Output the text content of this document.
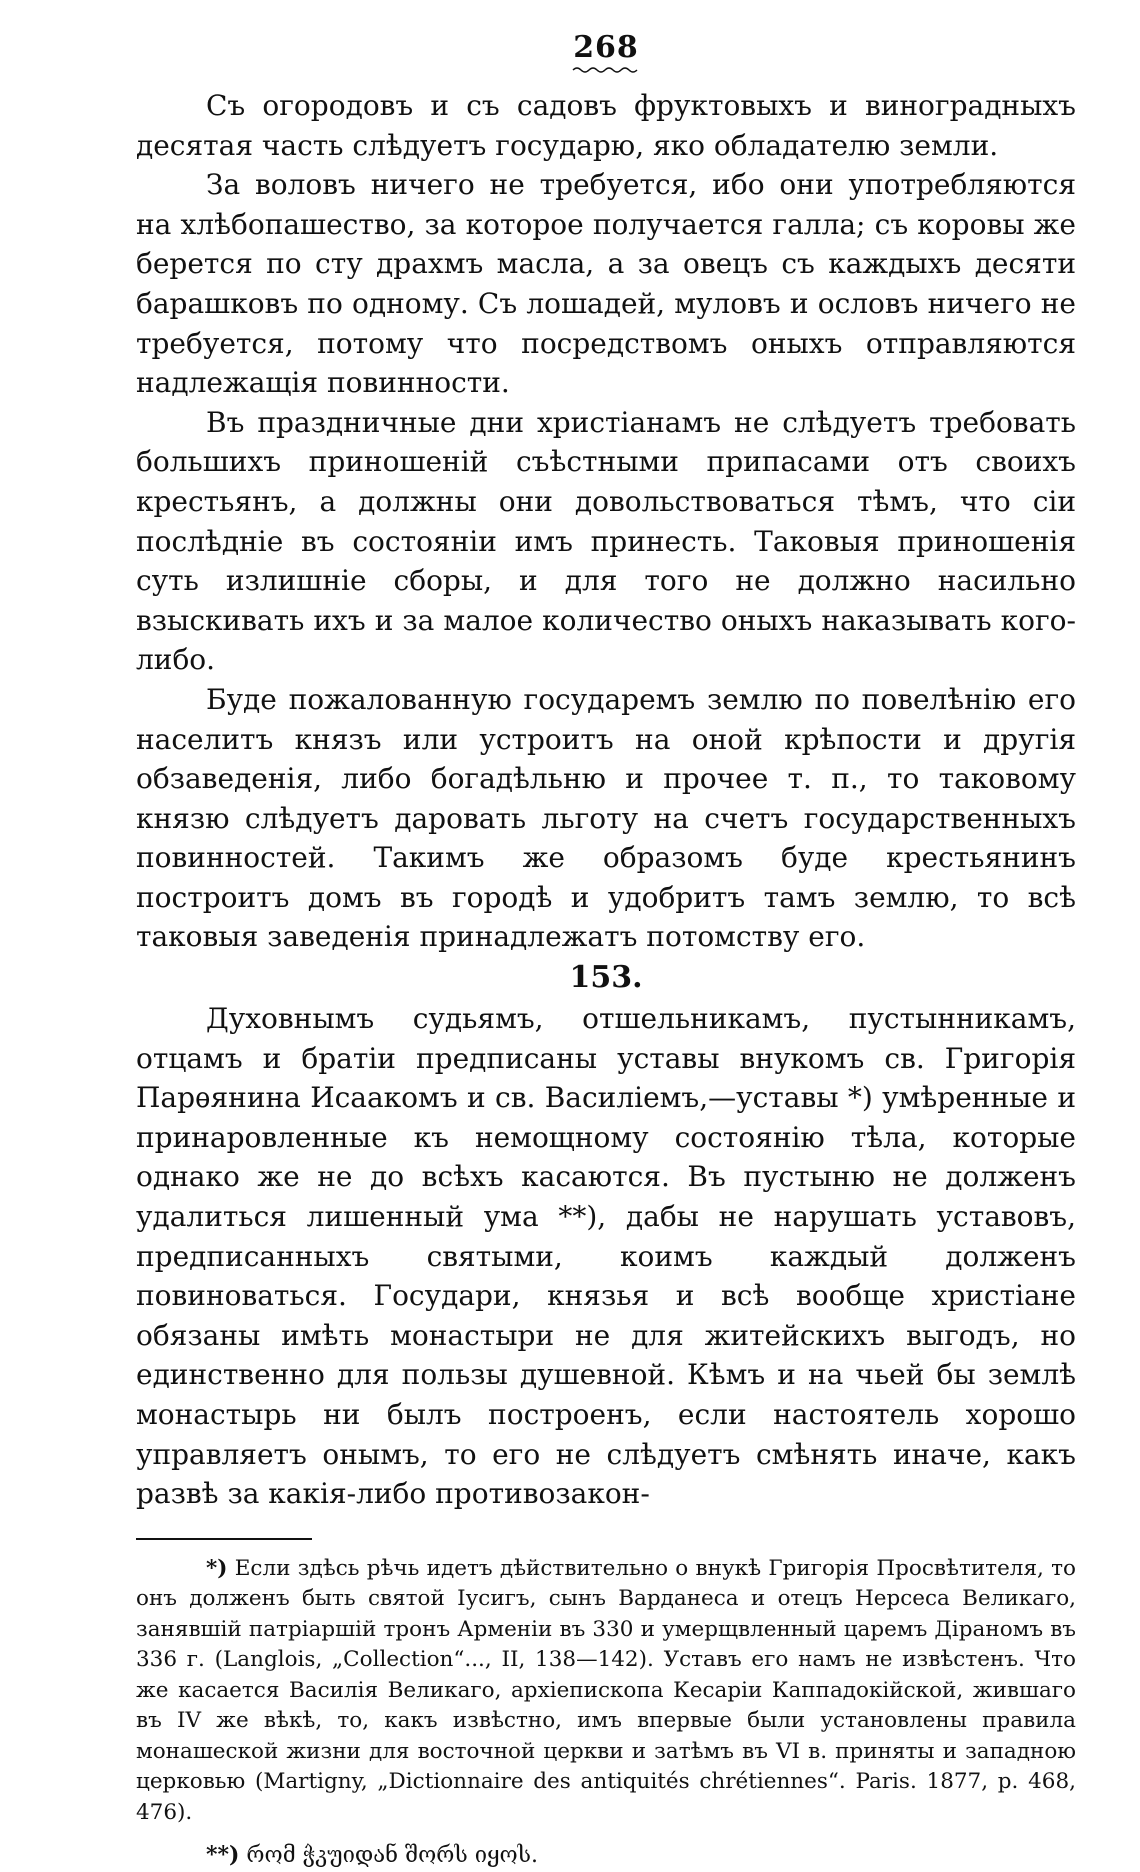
268

Съ огородовъ и съ садовъ фруктовыхъ и виноградныхъ десятая часть слѣдуетъ государю, яко обладателю земли.

За воловъ ничего не требуется, ибо они употребляются на хлѣбопашество, за которое получается галла; съ коровы же берется по сту драхмъ масла, а за овецъ съ каждыхъ десяти барашковъ по одному. Съ лошадей, муловъ и ословъ ничего не требуется, потому что посредствомъ оныхъ отправляются надлежащія повинности.

Въ праздничные дни христіанамъ не слѣдуетъ требовать большихъ приношеній съѣстными припасами отъ своихъ крестьянъ, а должны они довольствоваться тѣмъ, что сіи послѣдніе въ состояніи имъ принесть. Таковыя приношенія суть излишніе сборы, и для того не должно насильно взыскивать ихъ и за малое количество оныхъ наказывать кого-либо.

Буде пожалованную государемъ землю по повелѣнію его населитъ князъ или устроитъ на оной крѣпости и другія обзаведенія, либо богадѣльню и прочее т. п., то таковому князю слѣдуетъ даровать льготу на счетъ государственныхъ повинностей. Такимъ же образомъ буде крестьянинъ построитъ домъ въ городѣ и удобритъ тамъ землю, то всѣ таковыя заведенія принадлежатъ потомству его.

153.

Духовнымъ судьямъ, отшельникамъ, пустынникамъ, отцамъ и братіи предписаны уставы внукомъ св. Григорія Парѳянина Исаакомъ и св. Василіемъ,—уставы *) умѣренные и принаровленные къ немощному состоянію тѣла, которые однако же не до всѣхъ касаются. Въ пустыню не долженъ удалиться лишенный ума **), дабы не нарушать уставовъ, предписанныхъ святыми, коимъ каждый долженъ повиноваться. Государи, князья и всѣ вообще христіане обязаны имѣть монастыри не для житейскихъ выгодъ, но единственно для пользы душевной. Кѣмъ и на чьей бы землѣ монастырь ни былъ построенъ, если настоятель хорошо управляетъ онымъ, то его не слѣдуетъ смѣнять иначе, какъ развѣ за какія-либо противозакон-

*) Если здѣсь рѣчь идетъ дѣйствительно о внукѣ Григорія Просвѣтителя, то онъ долженъ быть святой Іусигъ, сынъ Варданеса и отецъ Нерсеса Великаго, занявшій патріаршій тронъ Арменіи въ 330 и умерщвленный царемъ Діраномъ въ 336 г. (Langlois, „Collection“..., II, 138—142). Уставъ его намъ не извѣстенъ. Что же касается Василія Великаго, архіепископа Кесаріи Каппадокійской, жившаго въ IV же вѣкѣ, то, какъ извѣстно, имъ впервые были установлены правила монашеской жизни для восточной церкви и затѣмъ въ VI в. приняты и западною церковью (Martigny, „Dictionnaire des antiquités chrétiennes“. Paris. 1877, p. 468, 476).

**) რომ ჭკუიდან შორს იყოს.
